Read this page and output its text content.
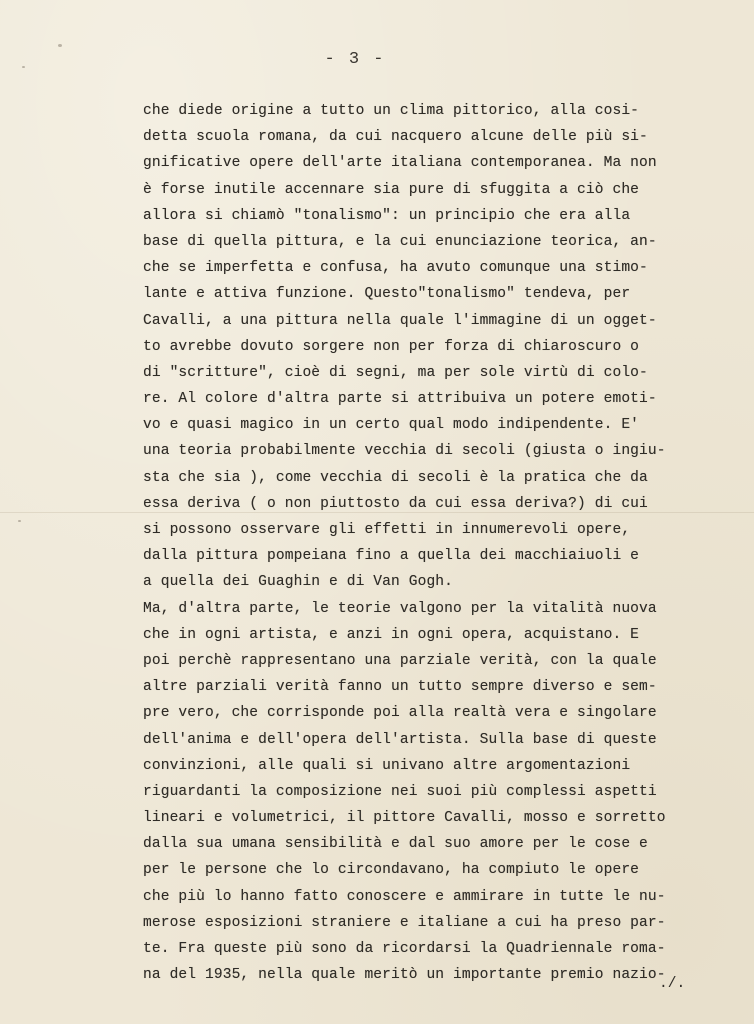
- 3 -
che diede origine a tutto un clima pittorico, alla cosi-
detta scuola romana, da cui nacquero alcune delle più si-
gnificative opere dell'arte italiana contemporanea. Ma non
è forse inutile accennare sia pure di sfuggita a ciò che
allora si chiamò "tonalismo": un principio che era alla
base di quella pittura, e la cui enunciazione teorica, an-
che se imperfetta e confusa, ha avuto comunque una stimo-
lante e attiva funzione. Questo"tonalismo" tendeva, per
Cavalli, a una pittura nella quale l'immagine di un ogget-
to avrebbe dovuto sorgere non per forza di chiaroscuro o
di "scritture", cioè di segni, ma per sole virtù di colo-
re. Al colore d'altra parte si attribuiva un potere emoti-
vo e quasi magico in un certo qual modo indipendente. E'
una teoria probabilmente vecchia di secoli (giusta o ingiu-
sta che sia ), come vecchia di secoli è la pratica che da
essa deriva ( o non piuttosto da cui essa deriva?) di cui
si possono osservare gli effetti in innumerevoli opere,
dalla pittura pompeiana fino a quella dei macchiaiuoli e
a quella dei Guaghin e di Van Gogh.
Ma, d'altra parte, le teorie valgono per la vitalità nuova
che in ogni artista, e anzi in ogni opera, acquistano. E
poi perchè rappresentano una parziale verità, con la quale
altre parziali verità fanno un tutto sempre diverso e sem-
pre vero, che corrisponde poi alla realtà vera e singolare
dell'anima e dell'opera dell'artista. Sulla base di queste
convinzioni, alle quali si univano altre argomentazioni
riguardanti la composizione nei suoi più complessi aspetti
lineari e volumetrici, il pittore Cavalli, mosso e sorretto
dalla sua umana sensibilità e dal suo amore per le cose e
per le persone che lo circondavano, ha compiuto le opere
che più lo hanno fatto conoscere e ammirare in tutte le nu-
merose esposizioni straniere e italiane a cui ha preso par-
te. Fra queste più sono da ricordarsi la Quadriennale roma-
na del 1935, nella quale meritò un importante premio nazio-
./.
